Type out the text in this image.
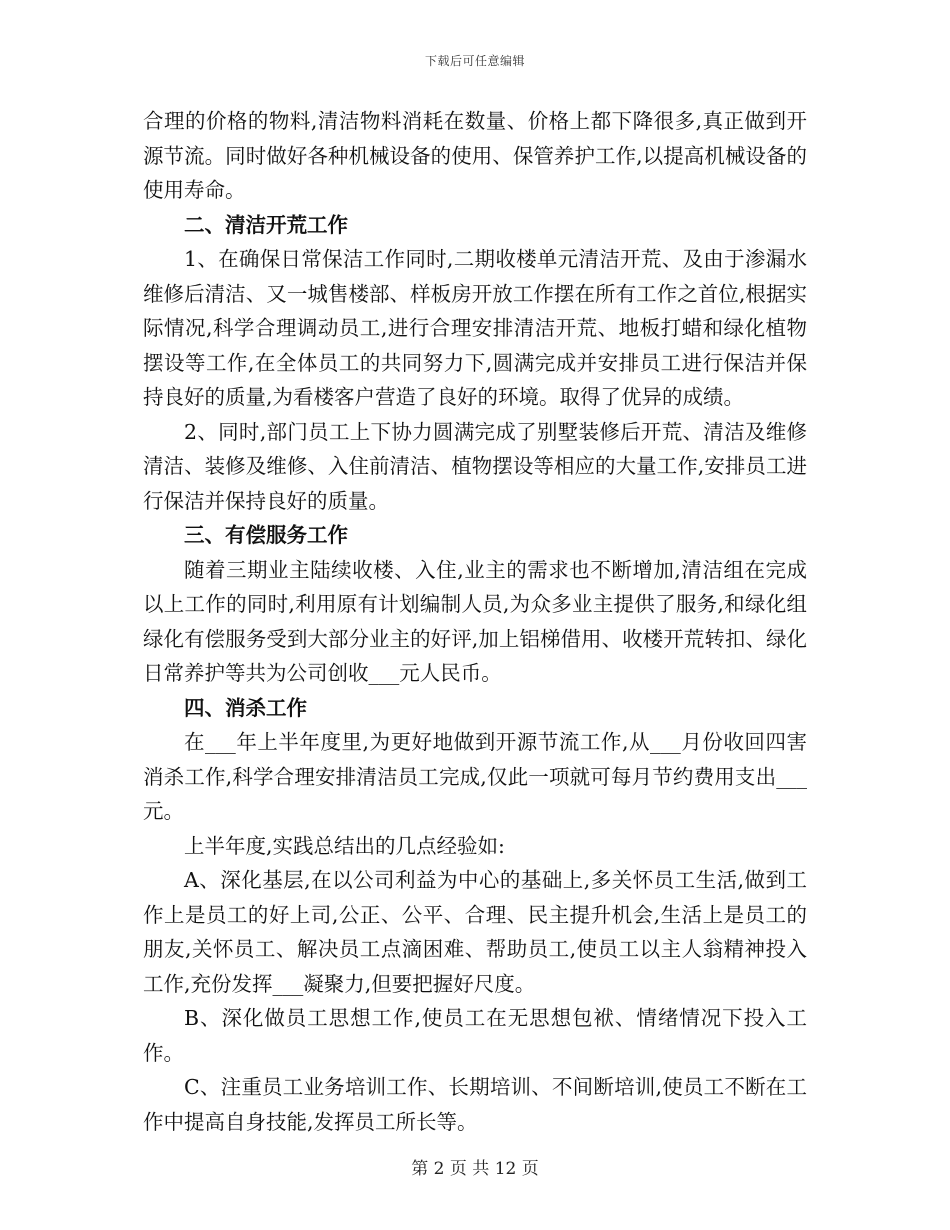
下载后可任意编辑

合理的价格的物料,清洁物料消耗在数量、价格上都下降很多,真正做到开源节流。同时做好各种机械设备的使用、保管养护工作,以提高机械设备的使用寿命。

二、清洁开荒工作

1、在确保日常保洁工作同时,二期收楼单元清洁开荒、及由于渗漏水维修后清洁、又一城售楼部、样板房开放工作摆在所有工作之首位,根据实际情况,科学合理调动员工,进行合理安排清洁开荒、地板打蜡和绿化植物摆设等工作,在全体员工的共同努力下,圆满完成并安排员工进行保洁并保持良好的质量,为看楼客户营造了良好的环境。取得了优异的成绩。

2、同时,部门员工上下协力圆满完成了别墅装修后开荒、清洁及维修清洁、装修及维修、入住前清洁、植物摆设等相应的大量工作,安排员工进行保洁并保持良好的质量。

三、有偿服务工作

随着三期业主陆续收楼、入住,业主的需求也不断增加,清洁组在完成以上工作的同时,利用原有计划编制人员,为众多业主提供了服务,和绿化组绿化有偿服务受到大部分业主的好评,加上铝梯借用、收楼开荒转扣、绿化日常养护等共为公司创收___元人民币。

四、消杀工作

在___年上半年度里,为更好地做到开源节流工作,从___月份收回四害消杀工作,科学合理安排清洁员工完成,仅此一项就可每月节约费用支出___元。

上半年度,实践总结出的几点经验如:

A、深化基层,在以公司利益为中心的基础上,多关怀员工生活,做到工作上是员工的好上司,公正、公平、合理、民主提升机会,生活上是员工的朋友,关怀员工、解决员工点滴困难、帮助员工,使员工以主人翁精神投入工作,充份发挥___凝聚力,但要把握好尺度。

B、深化做员工思想工作,使员工在无思想包袱、情绪情况下投入工作。

C、注重员工业务培训工作、长期培训、不间断培训,使员工不断在工作中提高自身技能,发挥员工所长等。

第 2 页 共 12 页
